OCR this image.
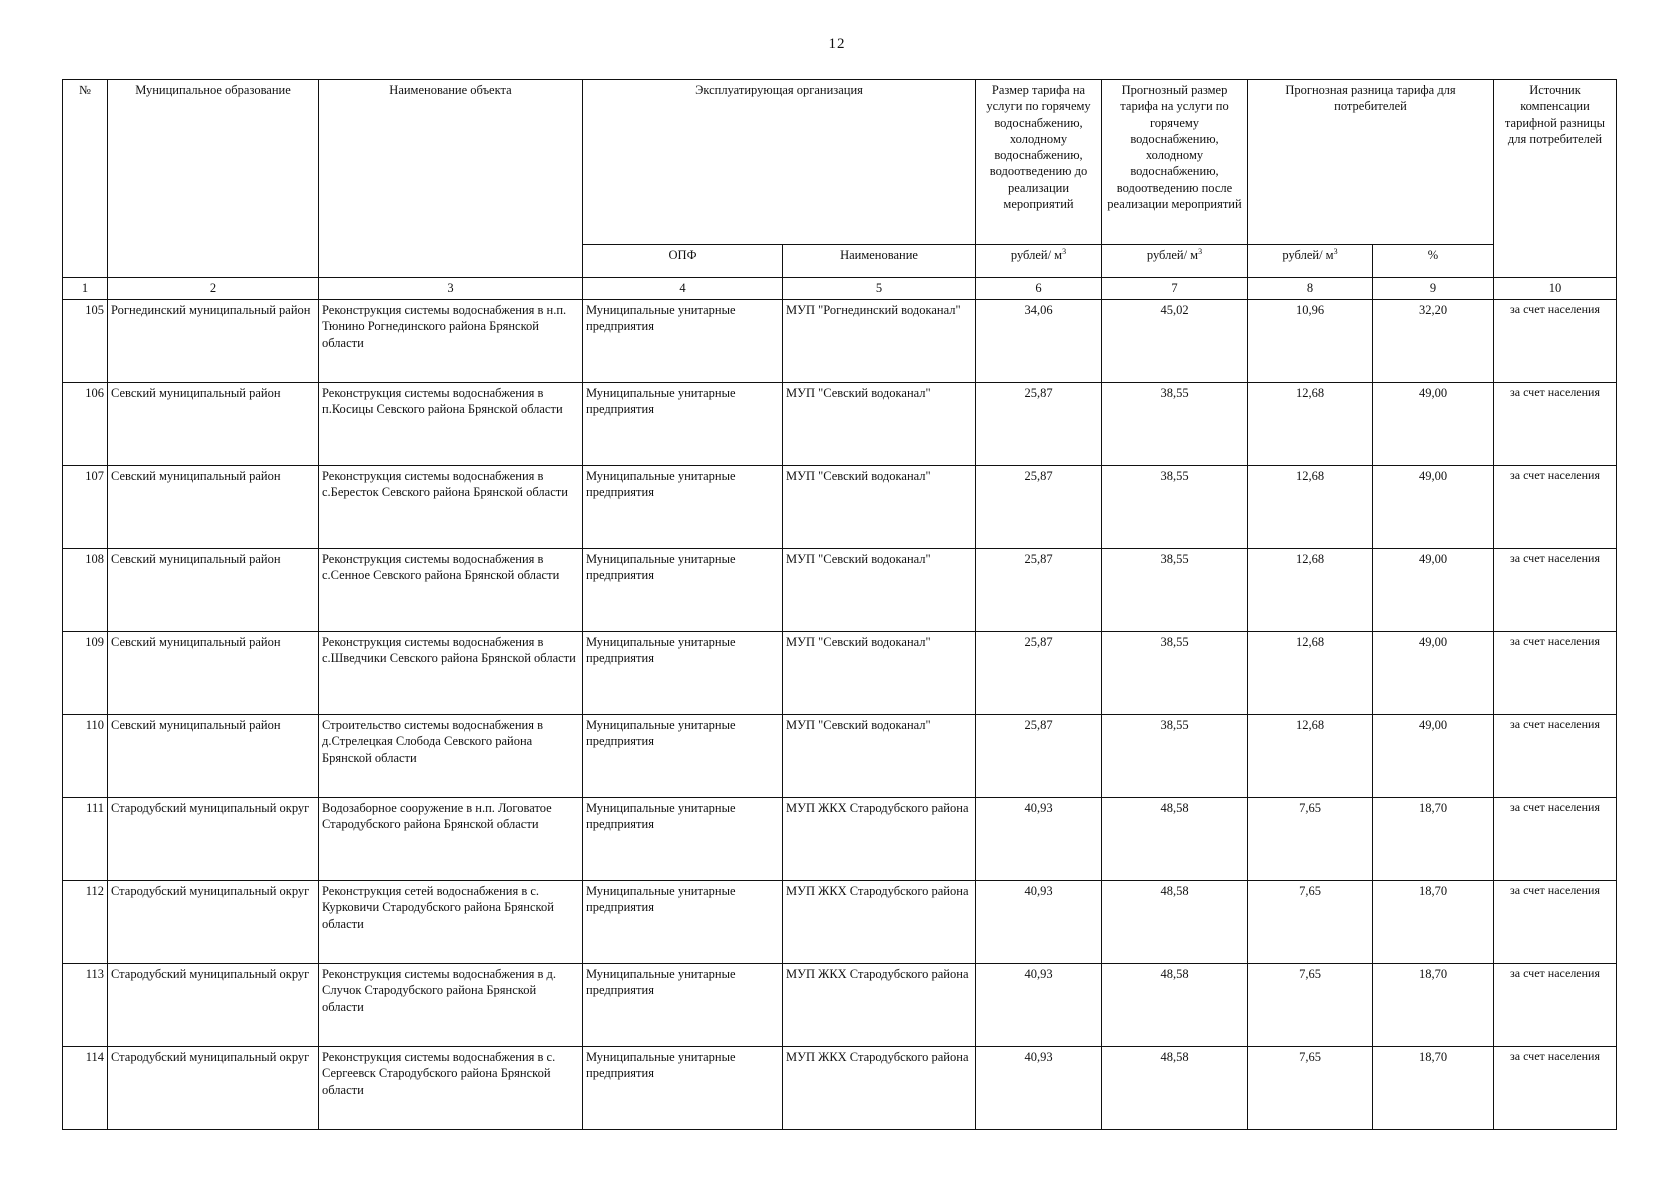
12
№	Муниципальное образование	Наименование объекта	Эксплуатирующая организация		Размер тарифа на услуги по горячему водоснабжению, холодному водоснабжению, водоотведению до реализации мероприятий	Прогнозный размер тарифа на услуги по горячему водоснабжению, холодному водоснабжению, водоотведению после реализации мероприятий	Прогнозная разница тарифа для потребителей		Источник компенсации тарифной разницы для потребителей
			ОПФ	Наименование	рублей/ $м^3$	рублей/ $м^3$	рублей/ $м^3$	%	
1	2	3	4	5	6	7	8	9	10
105	Рогнединский муниципальный район	Реконструкция системы водоснабжения в н.п. Тюнино Рогнединского района Брянской области	Муниципальные унитарные предприятия	МУП "Рогнединский водоканал"	34,06	45,02	10,96	32,20	за счет населения
106	Севский муниципальный район	Реконструкция системы водоснабжения в п.Косицы Севского района Брянской области	Муниципальные унитарные предприятия	МУП "Севский водоканал"	25,87	38,55	12,68	49,00	за счет населения
107	Севский муниципальный район	Реконструкция системы водоснабжения в с.Бересток Севского района Брянской области	Муниципальные унитарные предприятия	МУП "Севский водоканал"	25,87	38,55	12,68	49,00	за счет населения
108	Севский муниципальный район	Реконструкция системы водоснабжения в с.Сенное Севского района Брянской области	Муниципальные унитарные предприятия	МУП "Севский водоканал"	25,87	38,55	12,68	49,00	за счет населения
109	Севский муниципальный район	Реконструкция системы водоснабжения в с.Шведчики Севского района Брянской области	Муниципальные унитарные предприятия	МУП "Севский водоканал"	25,87	38,55	12,68	49,00	за счет населения
110	Севский муниципальный район	Строительство системы водоснабжения в д.Стрелецкая Слобода Севского района Брянской области	Муниципальные унитарные предприятия	МУП "Севский водоканал"	25,87	38,55	12,68	49,00	за счет населения
111	Стародубский муниципальный округ	Водозаборное сооружение в н.п. Логоватое Стародубского района Брянской области	Муниципальные унитарные предприятия	МУП ЖКХ Стародубского района	40,93	48,58	7,65	18,70	за счет населения
112	Стародубский муниципальный округ	Реконструкция сетей водоснабжения в с. Курковичи Стародубского района Брянской области	Муниципальные унитарные предприятия	МУП ЖКХ Стародубского района	40,93	48,58	7,65	18,70	за счет населения
113	Стародубский муниципальный округ	Реконструкция системы водоснабжения в д. Случок Стародубского района Брянской области	Муниципальные унитарные предприятия	МУП ЖКХ Стародубского района	40,93	48,58	7,65	18,70	за счет населения
114	Стародубский муниципальный округ	Реконструкция системы водоснабжения в с. Сергеевск Стародубского района Брянской области	Муниципальные унитарные предприятия	МУП ЖКХ Стародубского района	40,93	48,58	7,65	18,70	за счет населения
